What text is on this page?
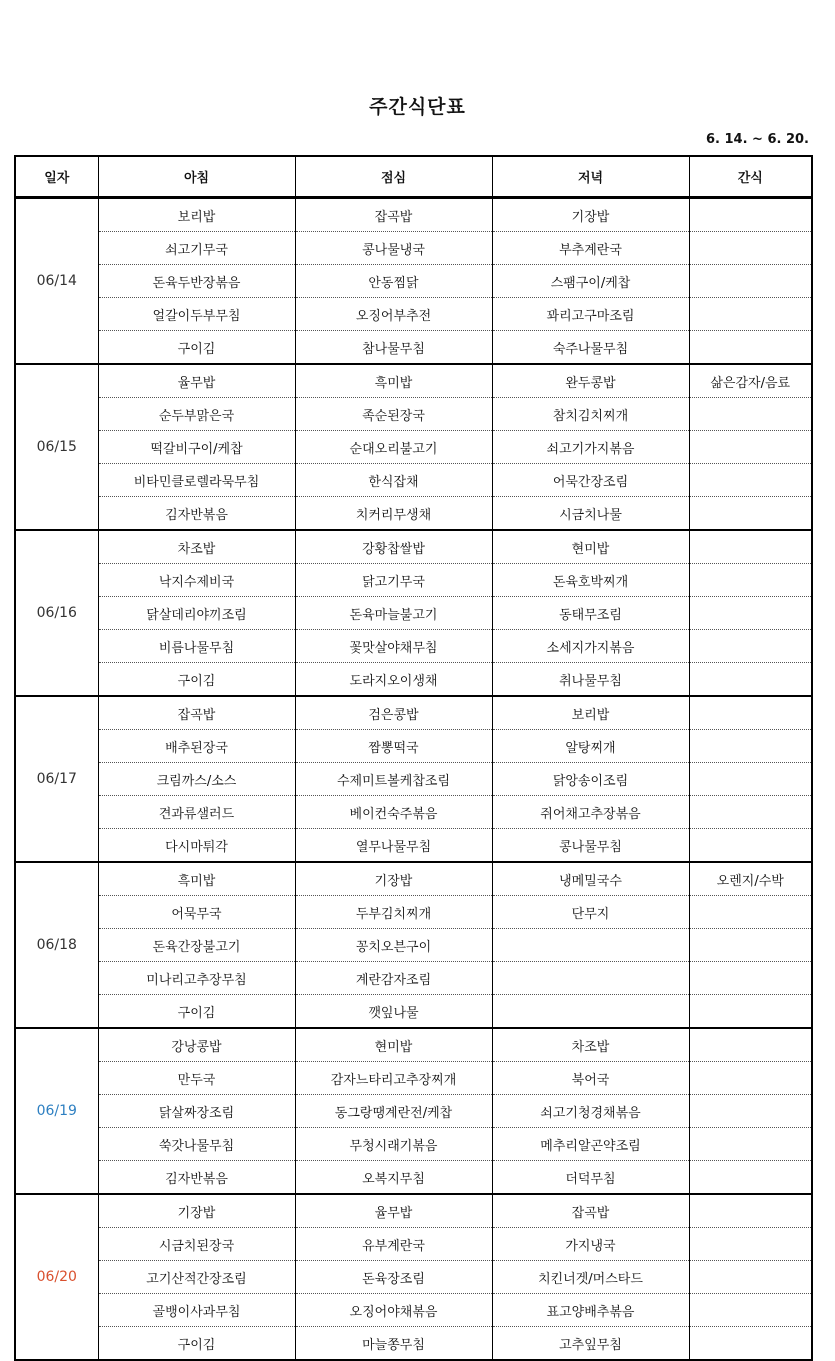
주간식단표
6. 14. ~ 6. 20.
일자	아침	점심	저녁	간식
06/14	보리밥	잡곡밥	기장밥	
	쇠고기무국	콩나물냉국	부추계란국	
	돈육두반장볶음	안동찜닭	스팸구이/케찹	
	얼갈이두부무침	오징어부추전	꽈리고구마조림	
	구이김	참나물무침	숙주나물무침	
06/15	율무밥	흑미밥	완두콩밥	삶은감자/음료
	순두부맑은국	족순된장국	참치김치찌개	
	떡갈비구이/케찹	순대오리불고기	쇠고기가지볶음	
	비타민클로렐라묵무침	한식잡채	어묵간장조림	
	김자반볶음	치커리무생채	시금치나물	
06/16	차조밥	강황찹쌀밥	현미밥	
	낙지수제비국	닭고기무국	돈육호박찌개	
	닭살데리야끼조림	돈육마늘불고기	동태무조림	
	비름나물무침	꽃맛살야채무침	소세지가지볶음	
	구이김	도라지오이생채	취나물무침	
06/17	잡곡밥	검은콩밥	보리밥	
	배추된장국	짬뽕떡국	알탕찌개	
	크림까스/소스	수제미트볼케찹조림	닭앙송이조림	
	견과류샐러드	베이컨숙주볶음	쥐어채고추장볶음	
	다시마튀각	열무나물무침	콩나물무침	
06/18	흑미밥	기장밥	냉메밀국수	오렌지/수박
	어묵무국	두부김치찌개	단무지	
	돈육간장불고기	꽁치오븐구이		
	미나리고추장무침	계란감자조림		
	구이김	깻잎나물		
06/19	강낭콩밥	현미밥	차조밥	
	만두국	감자느타리고추장찌개	북어국	
	닭살짜장조림	동그랑땡계란전/케찹	쇠고기청경채볶음	
	쑥갓나물무침	무청시래기볶음	메추리알곤약조림	
	김자반볶음	오복지무침	더덕무침	
06/20	기장밥	율무밥	잡곡밥	
	시금치된장국	유부계란국	가지냉국	
	고기산적간장조림	돈육장조림	치킨너겟/머스타드	
	골뱅이사과무침	오징어야채볶음	표고양배추볶음	
	구이김	마늘쫑무침	고추잎무침	
